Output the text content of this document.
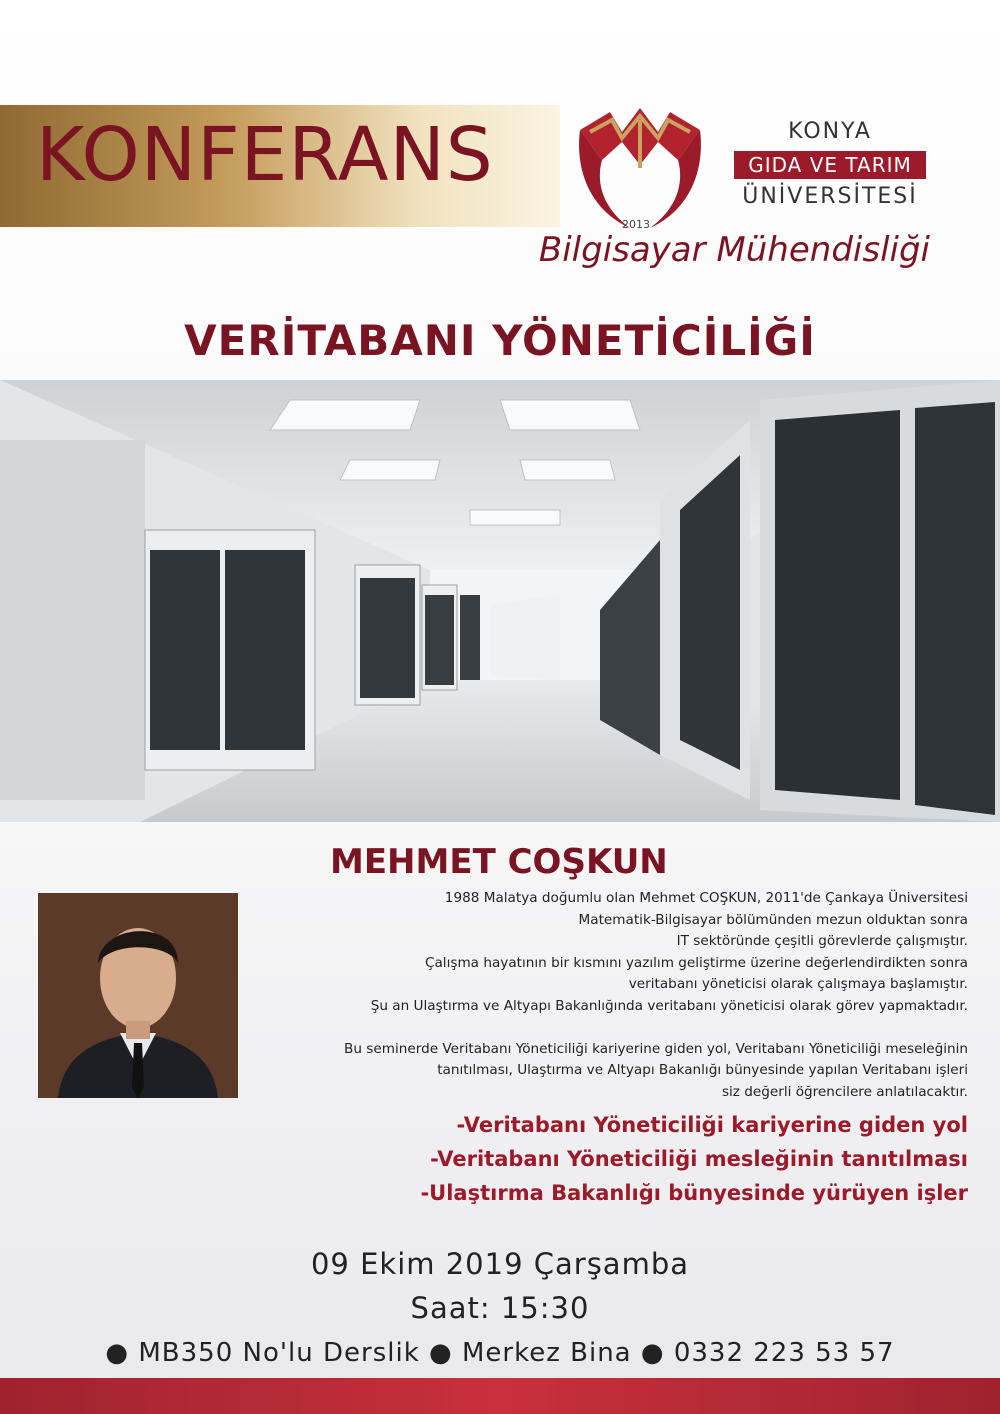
KONFERANS
2013
KONYA
GIDA VE TARIM
ÜNİVERSİTESİ
Bilgisayar Mühendisliği
VERİTABANI YÖNETİCİLİĞİ
MEHMET COŞKUN

1988 Malatya doğumlu olan Mehmet COŞKUN, 2011'de Çankaya Üniversitesi

Matematik-Bilgisayar bölümünden mezun olduktan sonra

IT sektöründe çeşitli görevlerde çalışmıştır.

Çalışma hayatının bir kısmını yazılım geliştirme üzerine değerlendirdikten sonra

veritabanı yöneticisi olarak çalışmaya başlamıştır.

Şu an Ulaştırma ve Altyapı Bakanlığında veritabanı yöneticisi olarak görev yapmaktadır.

Bu seminerde Veritabanı Yöneticiliği kariyerine giden yol, Veritabanı Yöneticiliği meseleğinin

tanıtılması, Ulaştırma ve Altyapı Bakanlığı bünyesinde yapılan Veritabanı işleri

siz değerli öğrencilere anlatılacaktır.

-Veritabanı Yöneticiliği kariyerine giden yol
-Veritabanı Yöneticiliği mesleğinin tanıtılması
-Ulaştırma Bakanlığı bünyesinde yürüyen işler
09 Ekim 2019 Çarşamba
Saat: 15:30
● MB350 No'lu Derslik ● Merkez Bina ● 0332 223 53 57
